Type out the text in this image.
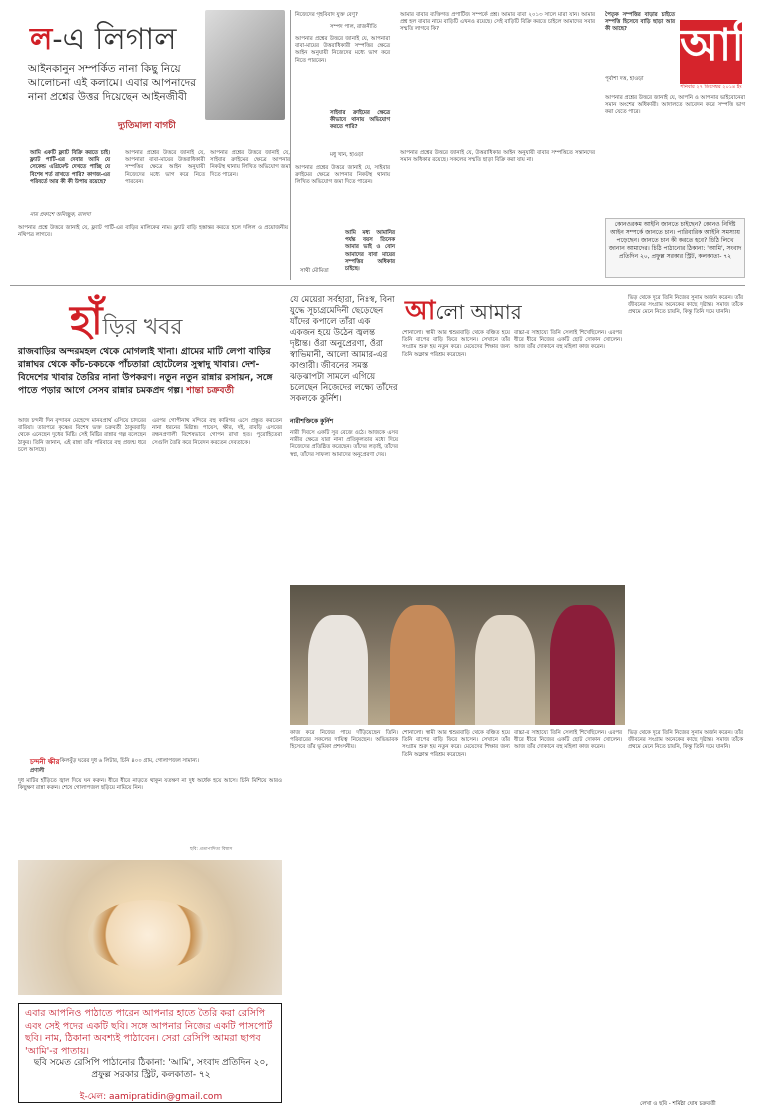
ল-এ লিগাল
আইনকানুন সম্পর্কিত নানা কিছু নিয়ে আলোচনা এই কলামে। এবার আপনাদের নানা প্রশ্নের উত্তর দিয়েছেন আইনজীবী
দ্যুতিমালা বাগচী
আমি একটি ফ্ল্যাট বিক্রি করতে চাই। ফ্ল্যাট পার্টি-এর দেবার আমি যে সেকেন্ড এগ্রিমেন্ট দেখতে পাচ্ছি যে বিশেষ শর্ত রাখতে পারি? কাগজ-এর পরিবর্তে আর কী কী উপায় রয়েছে?
নাম প্রকাশে অনিচ্ছুক, মালদা
আপনার প্রশ্নে উত্তরে জানাই যে, ফ্ল্যাট পার্টি-এর বাড়ির মালিকের নাম। ফ্ল্যাট বাড়ি হস্তান্তর করতে হলে দলিল ও প্রয়োজনীয় নথিপত্র লাগবে।
আপনার প্রশ্নের উত্তরে জানাই যে, আপনারা বাবা-মায়ের উত্তরাধিকারী সম্পত্তির ক্ষেত্রে আইন অনুযায়ী নিজেদের মধ্যে ভাগ করে নিতে পারবেন।
আপনার প্রশ্নের উত্তরে জানাই যে, সাইবার ক্রাইমের ক্ষেত্রে আপনার নিকটস্থ থানায় লিখিত অভিযোগ জমা দিতে পারেন।
নিজেদের গৃহবিবাদ যুক্ত বেণু?
সম্পদ পাল, রাজনীতি
আপনার প্রশ্নের উত্তরে জানাই যে, আপনারা বাবা-মায়ের উত্তরাধিকারী সম্পত্তির ক্ষেত্রে আইন অনুযায়ী নিজেদের মধ্যে ভাগ করে নিতে পারবেন।
সাইবার ক্রাইমের ক্ষেত্রে কীভাবে থানায় অভিযোগ করতে পারি?
মধু খান, হাওড়া
আপনার প্রশ্নের উত্তরে জানাই যে, সাইবার ক্রাইমের ক্ষেত্রে আপনার নিকটস্থ থানায় লিখিত অভিযোগ জমা দিতে পারেন।
আমি মধ্য আমানির পর্যন্ত বয়স তিনেক আমার ভাই ও বোন আমাদের বাবা মায়ের সম্পত্তির অধিকার চাইছে।
সাথী মৌমিতা
আমার বাবার ব্যক্তিগত প্রপার্টিজ সম্পর্কে প্রশ্ন। আমার বাবা ২০১৩ সালে মারা যান। আমার প্রশ্ন হল বাবার নামে বাড়িটি এখনও রয়েছে। সেই বাড়িটি বিক্রি করতে চাইলে আমাদের সবার সম্মতি লাগবে কি?
আপনার প্রশ্নের উত্তরে জানাই যে, উত্তরাধিকার আইন অনুযায়ী বাবার সম্পত্তিতে সন্তানদের সমান অধিকার রয়েছে। সকলের সম্মতি ছাড়া বিক্রি করা যায় না।
পৈতৃক সম্পত্তির বাড়ার চাইতে সম্পত্তি হিসেবে বাড়ি ছাড়া আর কী আছে?
পূর্বাশা দত্ত, হাওড়া
আপনার প্রশ্নের উত্তরে জানাই যে, আপনি ও আপনার ভাইবোনেরা সমান অংশের অধিকারী। আদালতে আবেদন করে সম্পত্তি ভাগ করা যেতে পারে।
আমি
শনিবার ২৭ ডিসেম্বর ২০১৪ ইং
কোনওরকম আইনি জানতে চাইছেন? কোনও নির্দিষ্ট আইন সম্পর্কে জানতে চান। পারিবারিক আইনি সমস্যায় পড়েছেন। জানতে চান কী করতে হবে? চিঠি লিখে জানান আমাদের। চিঠি পাঠানোর ঠিকানা: 'আমি', সংবাদ প্রতিদিন ২০, প্রফুল্ল সরকার স্ট্রিট, কলকাতা- ৭২
হাঁড়ির খবর
রাজবাড়ির অন্দরমহল থেকে মোগলাই খানা। গ্রামের মাটি লেপা বাড়ির রান্নাঘর থেকে কাঁচ-চকচকে পাঁচতারা হোটেলের সুস্বাদু খাবার। দেশ-বিদেশের খাবার তৈরির নানা উপকরণ। নতুন নতুন রান্নার রসায়ন, সঙ্গে পাতে পড়ার আগে সেসব রান্নার চমকপ্রদ গল্প। শান্তা চক্রবর্তী
আজ চন্দনী দিন বৃন্দাবন মেহেন্দে মানবপ্রার্থ এসিয়ে চাদরের বারিয়া। তারপরে কৃষ্ণের বিশেষ ভক্ত চক্রবর্তী ঠাকুরবাড়ি থেকে এনেছেন দুধের মিষ্টি। সেই মিষ্টির রান্নার গল্প বলেছেন ঠাকুর। তিনি জানান, এই রান্না তাঁর পরিবারে বহু প্রজন্ম ধরে চলে আসছে।
এরপর গোপীনাথ মন্দিরে বহু কারিগর এসে প্রস্তুত করতেন নানা ধরনের মিষ্টান্ন। পায়েস, ক্ষীর, দই, রাবড়ি এসবের রন্ধনপ্রণালী বিশেষভাবে গোপন রাখা হত। পুরোহিতেরা সেগুলি তৈরি করে নিবেদন করতেন দেবতাকে।
চন্দনী ক্ষীর কিলবুঁড় ঘরের দুধ ৬ লিটার, চিনি ৪০০ গ্রাম, গোলাপজল সামান্য।
প্রণালী
দুধ মাটির হাঁড়িতে জ্বাল দিয়ে ঘন করুন। ধীরে ধীরে নাড়তে থাকুন যতক্ষণ না দুধ অর্ধেক হয়ে আসে। চিনি মিশিয়ে আরও কিছুক্ষণ রান্না করুন। শেষে গোলাপজল ছড়িয়ে নামিয়ে নিন।
ছবি: প্রতাপাদিত্য বিশ্বাস
এবার আপনিও পাঠাতে পারেন আপনার হাতে তৈরি করা রেসিপি এবং সেই পদের একটি ছবি। সঙ্গে আপনার নিজের একটি পাসপোর্ট ছবি। নাম, ঠিকানা অবশ্যই পাঠাবেন। সেরা রেসিপি আমরা ছাপব 'আমি'-র পাতায়।
ছবি সমেত রেসিপি পাঠানোর ঠিকানা: 'আমি', সংবাদ প্রতিদিন ২০, প্রফুল্ল সরকার স্ট্রিট, কলকাতা- ৭২
ই-মেল: aamipratidin@gmail.com
যে মেয়েরা সর্বহারা, নিঃস্ব, বিনা যুদ্ধে সূচ্যগ্রমেদিনী ছেড়েছেন যাঁদের কপালে তাঁরা এক একজন হয়ে উঠেন জ্বলন্ত দৃষ্টান্ত। ওঁরা অনুপ্রেরণা, ওঁরা স্বাভিমানী, আলো আমার-এর কাণ্ডারী। জীবনের সমস্ত ঝড়ঝাপটা সামলে এগিয়ে চলেছেন নিজেদের লক্ষ্যে তাঁদের সকলকে কুর্নিশ।
আলো আমার
নারীশক্তিকে কুর্নিশ
নারী দিবসে একটি সুর বেজে ওঠে। আজকে এসব নারীর ক্ষেত্রে যারা নানা প্রতিকূলতার মধ্যে দিয়ে নিজেদের প্রতিষ্ঠিত করেছেন। তাঁদের লড়াই, তাঁদের স্বপ্ন, তাঁদের সাফল্য আমাদের অনুপ্রেরণা দেয়।
শোনালো। স্বামী আর শ্বশুরবাড়ি থেকে বঞ্চিত হয়ে তিনি বাপের বাড়ি ফিরে আসেন। সেখানে তাঁর সংগ্রাম শুরু হয় নতুন করে। মেয়েদের শিক্ষার জন্য তিনি অক্লান্ত পরিশ্রম করেছেন।
বাচ্চা-র সাহায্যে তিনি সেলাই শিখেছিলেন। এরপর ধীরে ধীরে নিজের একটি ছোট দোকান খোলেন। আজ তাঁর দোকানে বহু মহিলা কাজ করেন।
ভিড় থেকে দূরে তিনি নিজের সুনাম অর্জন করেন। তাঁর জীবনের সংগ্রাম অনেকের কাছে দৃষ্টান্ত। সমাজ তাঁকে প্রথমে মেনে নিতে চায়নি, কিন্তু তিনি দমে যাননি।
কাজ করে নিজের পায়ে দাঁড়িয়েছেন তিনি। পরিবারের সকলের দায়িত্ব নিয়েছেন। অভিভাবক হিসেবে তাঁর ভূমিকা প্রশংসনীয়।
শোনালো। স্বামী আর শ্বশুরবাড়ি থেকে বঞ্চিত হয়ে তিনি বাপের বাড়ি ফিরে আসেন। সেখানে তাঁর সংগ্রাম শুরু হয় নতুন করে। মেয়েদের শিক্ষার জন্য তিনি অক্লান্ত পরিশ্রম করেছেন।
বাচ্চা-র সাহায্যে তিনি সেলাই শিখেছিলেন। এরপর ধীরে ধীরে নিজের একটি ছোট দোকান খোলেন। আজ তাঁর দোকানে বহু মহিলা কাজ করেন।
ভিড় থেকে দূরে তিনি নিজের সুনাম অর্জন করেন। তাঁর জীবনের সংগ্রাম অনেকের কাছে দৃষ্টান্ত। সমাজ তাঁকে প্রথমে মেনে নিতে চায়নি, কিন্তু তিনি দমে যাননি।
লেখা ও ছবি - শর্মিষ্ঠা ঘোষ চক্রবর্তী
